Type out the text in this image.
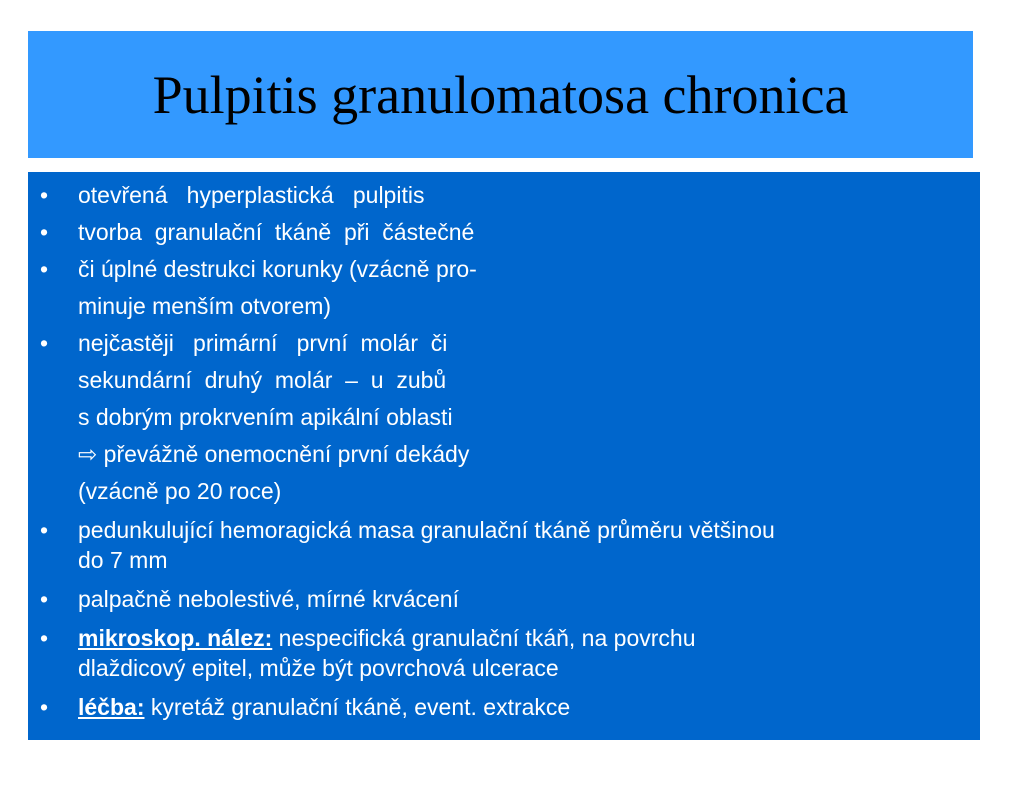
Pulpitis granulomatosa chronica

•

otevřená   hyperplastická   pulpitis

•

tvorba  granulační  tkáně  při  částečné

•

či úplné destrukci korunky (vzácně pro-

minuje menším otvorem)

•

nejčastěji   primární   první  molár  či

sekundární  druhý  molár  –  u  zubů

s dobrým prokrvením apikální oblasti

⇨ převážně onemocnění první dekády

(vzácně po 20 roce)

•

pedunkulující hemoragická masa granulační tkáně průměru většinou

do 7 mm

•

palpačně nebolestivé, mírné krvácení

•

mikroskop. nález: nespecifická granulační tkáň, na povrchu

dlaždicový epitel, může být povrchová ulcerace

•

léčba: kyretáž granulační tkáně, event. extrakce
